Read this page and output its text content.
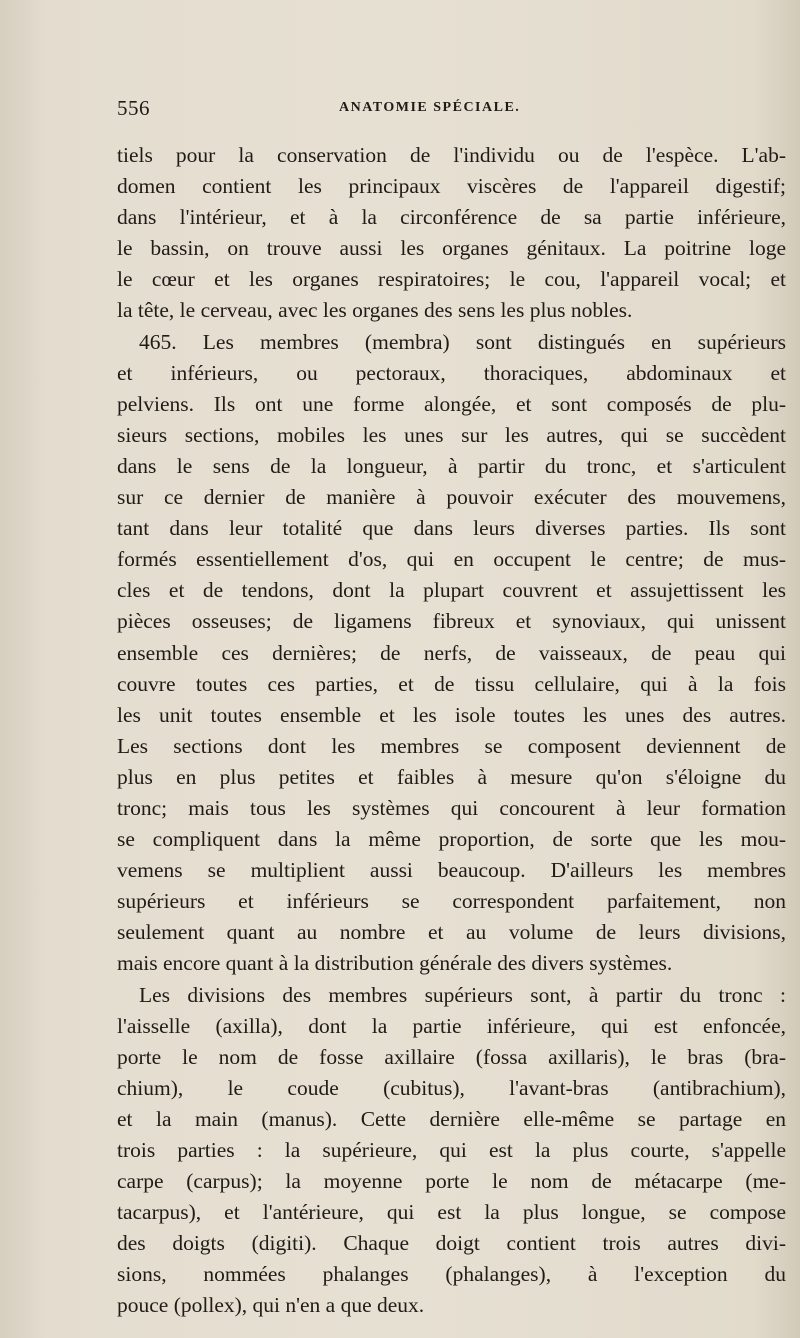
556	ANATOMIE SPÉCIALE.
tiels pour la conservation de l'individu ou de l'espèce. L'ab-
domen contient les principaux viscères de l'appareil digestif;
dans l'intérieur, et à la circonférence de sa partie inférieure,
le bassin, on trouve aussi les organes génitaux. La poitrine loge
le cœur et les organes respiratoires; le cou, l'appareil vocal; et
la tête, le cerveau, avec les organes des sens les plus nobles.
465. Les membres (membra) sont distingués en supérieurs
et inférieurs, ou pectoraux, thoraciques, abdominaux et
pelviens. Ils ont une forme alongée, et sont composés de plu-
sieurs sections, mobiles les unes sur les autres, qui se succèdent
dans le sens de la longueur, à partir du tronc, et s'articulent
sur ce dernier de manière à pouvoir exécuter des mouvemens,
tant dans leur totalité que dans leurs diverses parties. Ils sont
formés essentiellement d'os, qui en occupent le centre; de mus-
cles et de tendons, dont la plupart couvrent et assujettissent les
pièces osseuses; de ligamens fibreux et synoviaux, qui unissent
ensemble ces dernières; de nerfs, de vaisseaux, de peau qui
couvre toutes ces parties, et de tissu cellulaire, qui à la fois
les unit toutes ensemble et les isole toutes les unes des autres.
Les sections dont les membres se composent deviennent de
plus en plus petites et faibles à mesure qu'on s'éloigne du
tronc; mais tous les systèmes qui concourent à leur formation
se compliquent dans la même proportion, de sorte que les mou-
vemens se multiplient aussi beaucoup. D'ailleurs les membres
supérieurs et inférieurs se correspondent parfaitement, non
seulement quant au nombre et au volume de leurs divisions,
mais encore quant à la distribution générale des divers systèmes.
Les divisions des membres supérieurs sont, à partir du tronc :
l'aisselle (axilla), dont la partie inférieure, qui est enfoncée,
porte le nom de fosse axillaire (fossa axillaris), le bras (bra-
chium), le coude (cubitus), l'avant-bras (antibrachium),
et la main (manus). Cette dernière elle-même se partage en
trois parties : la supérieure, qui est la plus courte, s'appelle
carpe (carpus); la moyenne porte le nom de métacarpe (me-
tacarpus), et l'antérieure, qui est la plus longue, se compose
des doigts (digiti). Chaque doigt contient trois autres divi-
sions, nommées phalanges (phalanges), à l'exception du
pouce (pollex), qui n'en a que deux.
